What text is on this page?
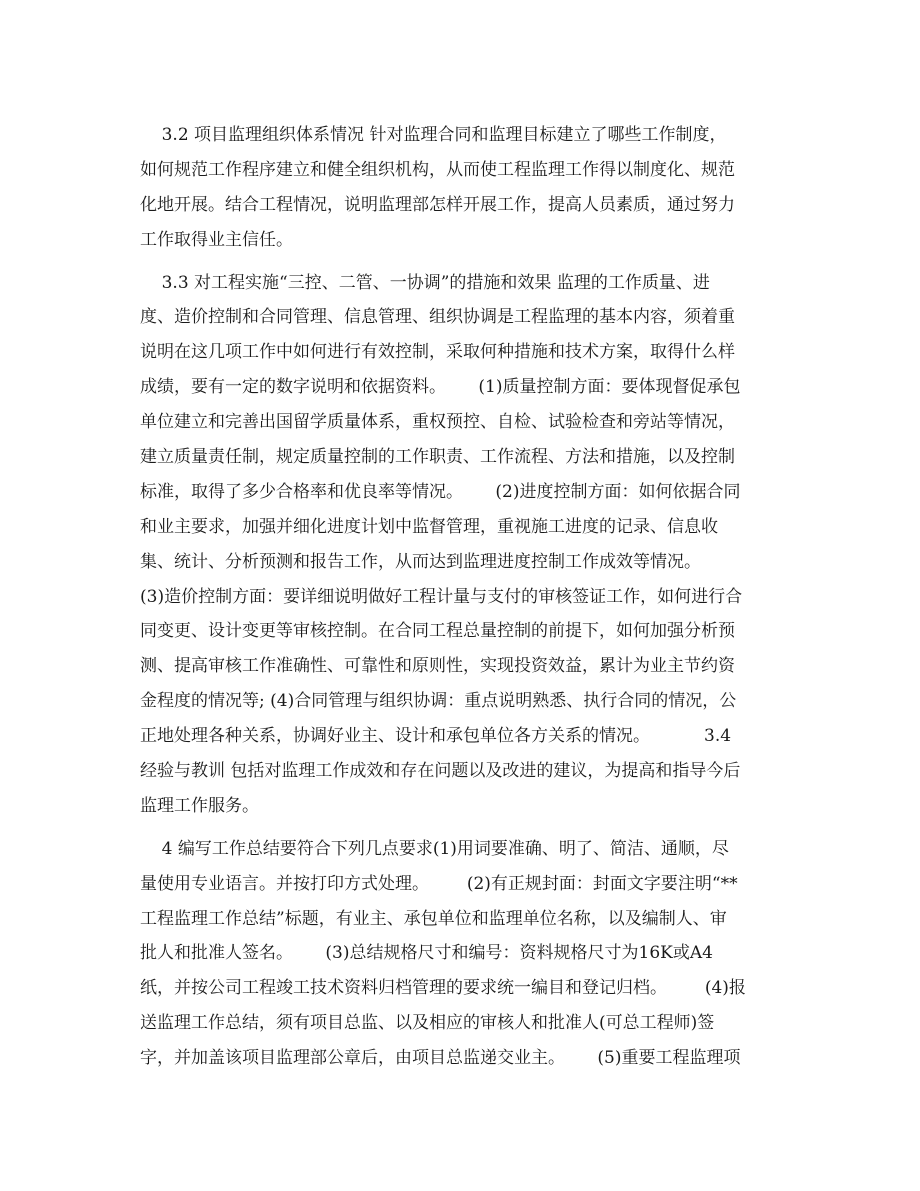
3.2 项目监理组织体系情况 针对监理合同和监理目标建立了哪些工作制度，
如何规范工作程序建立和健全组织机构，从而使工程监理工作得以制度化、规范
化地开展。结合工程情况，说明监理部怎样开展工作，提高人员素质，通过努力
工作取得业主信任。
3.3 对工程实施“三控、二管、一协调”的措施和效果 监理的工作质量、进
度、造价控制和合同管理、信息管理、组织协调是工程监理的基本内容，须着重
说明在这几项工作中如何进行有效控制，采取何种措施和技术方案，取得什么样
成绩，要有一定的数字说明和依据资料。      (1)质量控制方面：要体现督促承包
单位建立和完善出国留学质量体系，重权预控、自检、试验检查和旁站等情况，
建立质量责任制，规定质量控制的工作职责、工作流程、方法和措施，以及控制
标准，取得了多少合格率和优良率等情况。      (2)进度控制方面：如何依据合同
和业主要求，加强并细化进度计划中监督管理，重视施工进度的记录、信息收
集、统计、分析预测和报告工作，从而达到监理进度控制工作成效等情况。
(3)造价控制方面：要详细说明做好工程计量与支付的审核签证工作，如何进行合
同变更、设计变更等审核控制。在合同工程总量控制的前提下，如何加强分析预
测、提高审核工作准确性、可靠性和原则性，实现投资效益，累计为业主节约资
金程度的情况等; (4)合同管理与组织协调：重点说明熟悉、执行合同的情况，公
正地处理各种关系，协调好业主、设计和承包单位各方关系的情况。          3.4
经验与教训 包括对监理工作成效和存在问题以及改进的建议，为提高和指导今后
监理工作服务。
4 编写工作总结要符合下列几点要求(1)用词要准确、明了、简洁、通顺，尽
量使用专业语言。并按打印方式处理。       (2)有正规封面：封面文字要注明“**
工程监理工作总结”标题，有业主、承包单位和监理单位名称，以及编制人、审
批人和批准人签名。      (3)总结规格尺寸和编号：资料规格尺寸为16K或A4
纸，并按公司工程竣工技术资料归档管理的要求统一编目和登记归档。       (4)报
送监理工作总结，须有项目总监、以及相应的审核人和批准人(可总工程师)签
字，并加盖该项目监理部公章后，由项目总监递交业主。      (5)重要工程监理项
